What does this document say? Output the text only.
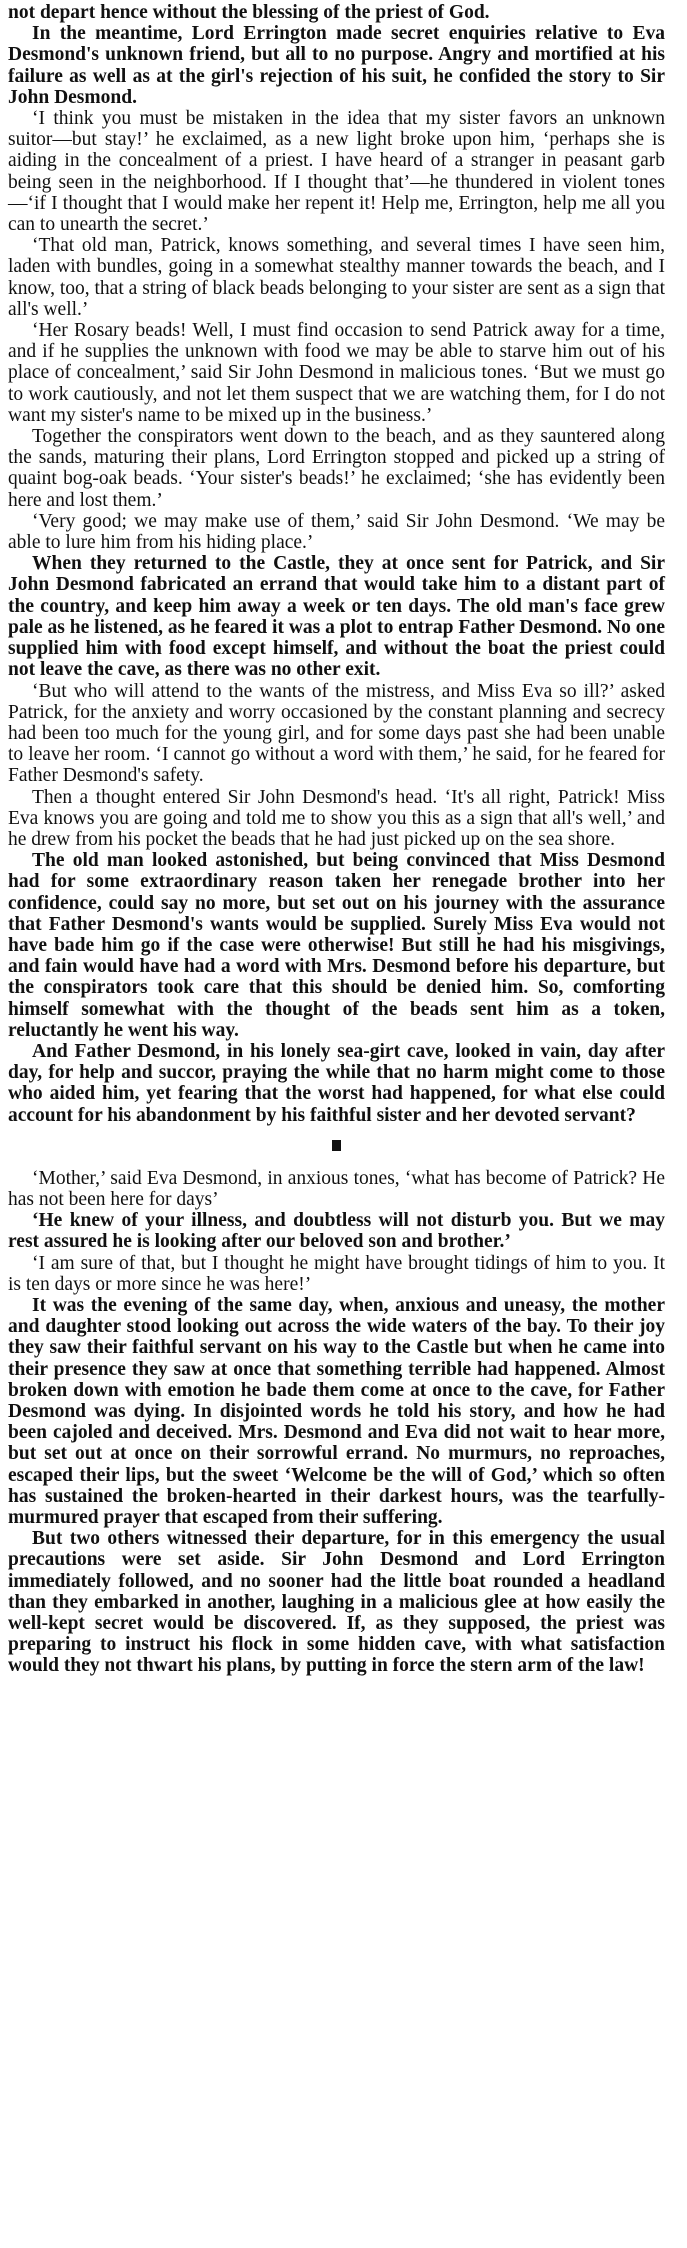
not depart hence without the blessing of the priest of God.

In the meantime, Lord Errington made secret enquiries relative to Eva Desmond's unknown friend, but all to no purpose. Angry and mortified at his failure as well as at the girl's rejection of his suit, he confided the story to Sir John Desmond.

‘I think you must be mistaken in the idea that my sister favors an unknown suitor—but stay!’ he exclaimed, as a new light broke upon him, ‘perhaps she is aiding in the concealment of a priest. I have heard of a stranger in peasant garb being seen in the neighborhood. If I thought that’—he thundered in violent tones—‘if I thought that I would make her repent it! Help me, Errington, help me all you can to unearth the secret.’

‘That old man, Patrick, knows something, and several times I have seen him, laden with bundles, going in a somewhat stealthy manner towards the beach, and I know, too, that a string of black beads belonging to your sister are sent as a sign that all's well.’

‘Her Rosary beads! Well, I must find occasion to send Patrick away for a time, and if he supplies the unknown with food we may be able to starve him out of his place of concealment,’ said Sir John Desmond in malicious tones. ‘But we must go to work cautiously, and not let them suspect that we are watching them, for I do not want my sister's name to be mixed up in the business.’

Together the conspirators went down to the beach, and as they sauntered along the sands, maturing their plans, Lord Errington stopped and picked up a string of quaint bog-oak beads. ‘Your sister's beads!’ he exclaimed; ‘she has evidently been here and lost them.’

‘Very good; we may make use of them,’ said Sir John Desmond. ‘We may be able to lure him from his hiding place.’

When they returned to the Castle, they at once sent for Patrick, and Sir John Desmond fabricated an errand that would take him to a distant part of the country, and keep him away a week or ten days. The old man's face grew pale as he listened, as he feared it was a plot to entrap Father Desmond. No one supplied him with food except himself, and without the boat the priest could not leave the cave, as there was no other exit.

‘But who will attend to the wants of the mistress, and Miss Eva so ill?’ asked Patrick, for the anxiety and worry occasioned by the constant planning and secrecy had been too much for the young girl, and for some days past she had been unable to leave her room. ‘I cannot go without a word with them,’ he said, for he feared for Father Desmond's safety.

Then a thought entered Sir John Desmond's head. ‘It's all right, Patrick! Miss Eva knows you are going and told me to show you this as a sign that all's well,’ and he drew from his pocket the beads that he had just picked up on the sea shore.

The old man looked astonished, but being convinced that Miss Desmond had for some extraordinary reason taken her renegade brother into her confidence, could say no more, but set out on his journey with the assurance that Father Desmond's wants would be supplied. Surely Miss Eva would not have bade him go if the case were otherwise! But still he had his misgivings, and fain would have had a word with Mrs. Desmond before his departure, but the conspirators took care that this should be denied him. So, comforting himself somewhat with the thought of the beads sent him as a token, reluctantly he went his way.

And Father Desmond, in his lonely sea-girt cave, looked in vain, day after day, for help and succor, praying the while that no harm might come to those who aided him, yet fearing that the worst had happened, for what else could account for his abandonment by his faithful sister and her devoted servant?

‘Mother,’ said Eva Desmond, in anxious tones, ‘what has become of Patrick? He has not been here for days’

‘He knew of your illness, and doubtless will not disturb you. But we may rest assured he is looking after our beloved son and brother.’

‘I am sure of that, but I thought he might have brought tidings of him to you. It is ten days or more since he was here!’

It was the evening of the same day, when, anxious and uneasy, the mother and daughter stood looking out across the wide waters of the bay. To their joy they saw their faithful servant on his way to the Castle but when he came into their presence they saw at once that something terrible had happened. Almost broken down with emotion he bade them come at once to the cave, for Father Desmond was dying. In disjointed words he told his story, and how he had been cajoled and deceived. Mrs. Desmond and Eva did not wait to hear more, but set out at once on their sorrowful errand. No murmurs, no reproaches, escaped their lips, but the sweet ‘Welcome be the will of God,’ which so often has sustained the broken-hearted in their darkest hours, was the tearfully-murmured prayer that escaped from their suffering.

But two others witnessed their departure, for in this emergency the usual precautions were set aside. Sir John Desmond and Lord Errington immediately followed, and no sooner had the little boat rounded a headland than they embarked in another, laughing in a malicious glee at how easily the well-kept secret would be discovered. If, as they supposed, the priest was preparing to instruct his flock in some hidden cave, with what satisfaction would they not thwart his plans, by putting in force the stern arm of the law!
